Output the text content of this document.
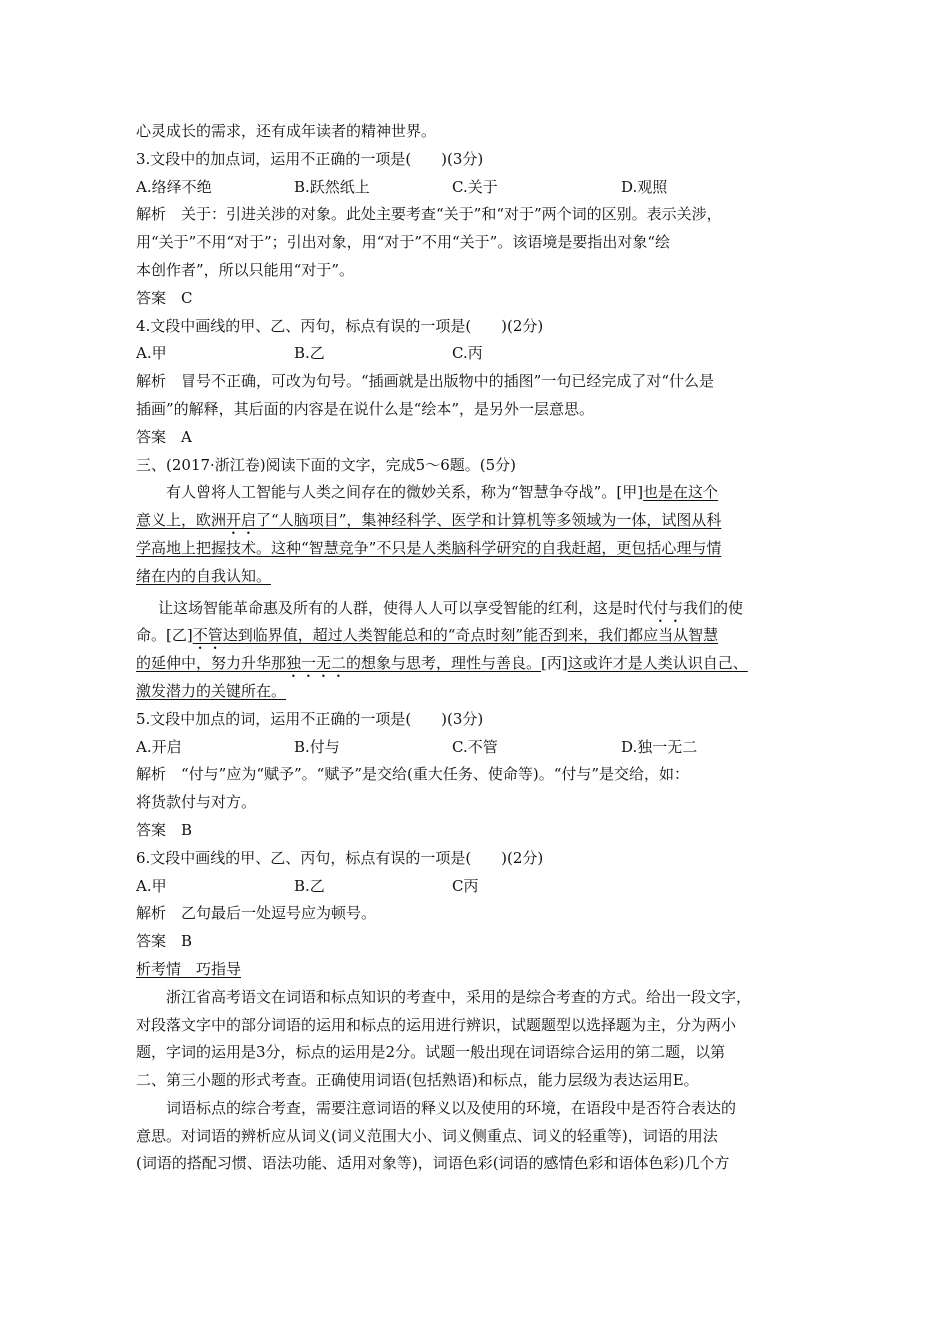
心灵成长的需求，还有成年读者的精神世界。
3.文段中的加点词，运用不正确的一项是(　　)(3分)
A.络绎不绝	B.跃然纸上	C.关于	D.观照
解析　关于：引进关涉的对象。此处主要考查“关于”和“对于”两个词的区别。表示关涉，
用“关于”不用“对于”；引出对象，用“对于”不用“关于”。该语境是要指出对象“绘
本创作者”，所以只能用“对于”。
答案　C
4.文段中画线的甲、乙、丙句，标点有误的一项是(　　)(2分)
A.甲	B.乙	C.丙
解析　冒号不正确，可改为句号。“插画就是出版物中的插图”一句已经完成了对“什么是
插画”的解释，其后面的内容是在说什么是“绘本”，是另外一层意思。
答案　A
三、(2017·浙江卷)阅读下面的文字，完成5～6题。(5分)
有人曾将人工智能与人类之间存在的微妙关系，称为“智慧争夺战”。[甲]也是在这个
意义上，欧洲开启了“人脑项目”，集神经科学、医学和计算机等多领域为一体，试图从科
学高地上把握技术。这种“智慧竞争”不只是人类脑科学研究的自我赶超，更包括心理与情
绪在内的自我认知。
让这场智能革命惠及所有的人群，使得人人可以享受智能的红利，这是时代付与我们的使
命。[乙]不管达到临界值，超过人类智能总和的“奇点时刻”能否到来，我们都应当从智慧
的延伸中，努力升华那独一无二的想象与思考，理性与善良。[丙]这或许才是人类认识自己、
激发潜力的关键所在。
5.文段中加点的词，运用不正确的一项是(　　)(3分)
A.开启	B.付与	C.不管	D.独一无二
解析　“付与”应为“赋予”。“赋予”是交给(重大任务、使命等)。“付与”是交给，如：
将货款付与对方。
答案　B
6.文段中画线的甲、乙、丙句，标点有误的一项是(　　)(2分)
A.甲	B.乙	C丙
解析　乙句最后一处逗号应为顿号。
答案　B
析考情　巧指导
浙江省高考语文在词语和标点知识的考查中，采用的是综合考查的方式。给出一段文字，
对段落文字中的部分词语的运用和标点的运用进行辨识，试题题型以选择题为主，分为两小
题，字词的运用是3分，标点的运用是2分。试题一般出现在词语综合运用的第二题，以第
二、第三小题的形式考查。正确使用词语(包括熟语)和标点，能力层级为表达运用E。
词语标点的综合考查，需要注意词语的释义以及使用的环境，在语段中是否符合表达的
意思。对词语的辨析应从词义(词义范围大小、词义侧重点、词义的轻重等)，词语的用法
(词语的搭配习惯、语法功能、适用对象等)，词语色彩(词语的感情色彩和语体色彩)几个方
